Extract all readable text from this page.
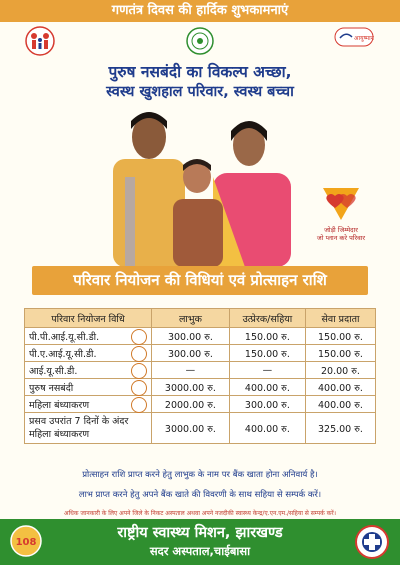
गणतंत्र दिवस की हार्दिक शुभकामनाएं
आयुष्मान
पुरुष नसबंदी का विकल्प अच्छा,
स्वस्थ खुशहाल परिवार, स्वस्थ बच्चा
जोड़ी जिम्मेदार
जो प्लान करे परिवार
परिवार नियोजन की विधियां एवं प्रोत्साहन राशि
परिवार नियोजन विधि	लाभुक	उत्प्रेरक/सहिया	सेवा प्रदाता
पी.पी.आई.यू.सी.डी.	300.00 रु.	150.00 रु.	150.00 रु.
पी.ए.आई.यू.सी.डी.	300.00 रु.	150.00 रु.	150.00 रु.
आई.यू.सी.डी.	—	—	20.00 रु.
पुरुष नसबंदी	3000.00 रु.	400.00 रु.	400.00 रु.
महिला बंध्याकरण	2000.00 रु.	300.00 रु.	400.00 रु.
प्रसव उपरांत 7 दिनों के अंदर महिला बंध्याकरण	3000.00 रु.	400.00 रु.	325.00 रु.
प्रोत्साहन राशि प्राप्त करने हेतु लाभुक के नाम पर बैंक खाता होना अनिवार्य है।
लाभ प्राप्त करने हेतु अपने बैंक खाते की विवरणी के साथ सहिया से सम्पर्क करें।
अधिक जानकारी के लिए अपने जिले के निकट अस्पताल अथवा अपने नजदीकी स्वास्थ्य केन्द्र/ए.एन.एम./सहिया से सम्पर्क करें।
108
राष्ट्रीय स्वास्थ्य मिशन, झारखण्ड
सदर अस्पताल,चाईबासा
